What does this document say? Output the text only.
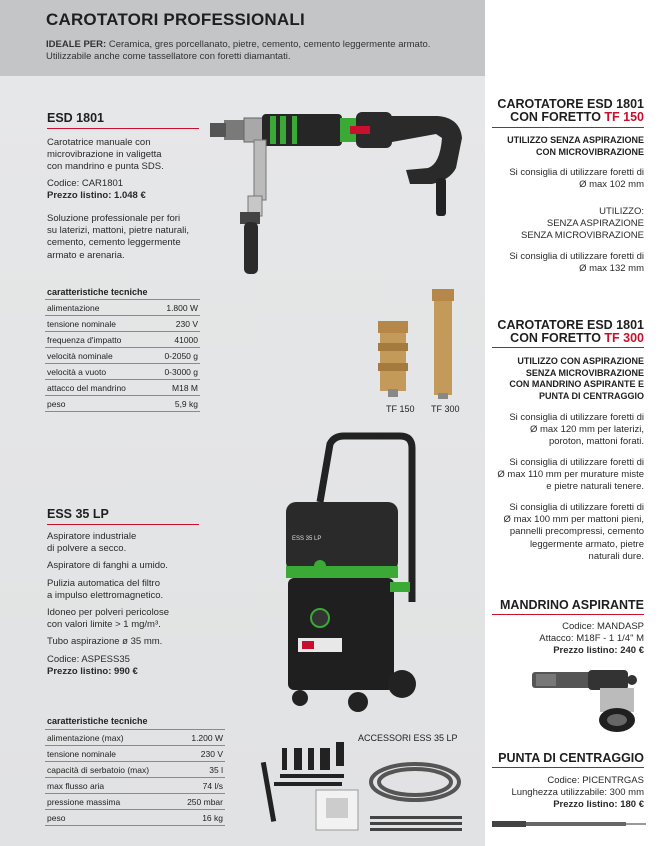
CAROTATORI PROFESSIONALI

IDEALE PER: Ceramica, gres porcellanato, pietre, cemento, cemento leggermente armato.
Utilizzabile anche come tassellatore con foretti diamantati.

ESD 1801
Carotatrice manuale con
microvibrazione in valigetta
con mandrino e punta SDS.
Codice: CAR1801
Prezzo listino: 1.048 €
Soluzione professionale per fori
su laterizi, mattoni, pietre naturali,
cemento, cemento leggermente
armato e arenaria.
caratteristiche tecniche
alimentazione	1.800 W
tensione nominale	230 V
frequenza d'impatto	41000
velocità nominale	0-2050 g
velocità a vuoto	0-3000 g
attacco del mandrino	M18 M
peso	5,9 kg
TF 150 TF 300
ESS 35 LP
Aspiratore industriale
di polvere a secco.
Aspiratore di fanghi a umido.
Pulizia automatica del filtro
a impulso elettromagnetico.
Idoneo per polveri pericolose
con valori limite > 1 mg/m³.
Tubo aspirazione ø 35 mm.
Codice: ASPESS35
Prezzo listino: 990 €
caratteristiche tecniche
alimentazione (max)	1.200 W
tensione nominale	230 V
capacità di serbatoio (max)	35 l
max flusso aria	74 l/s
pressione massima	250 mbar
peso	16 kg
ESS 35 LP
ACCESSORI ESS 35 LP
CAROTATORE ESD 1801
CON FORETTO TF 150
UTILIZZO SENZA ASPIRAZIONE
CON MICROVIBRAZIONE
Si consiglia di utilizzare foretti di
Ø max 102 mm
UTILIZZO:
SENZA ASPIRAZIONE
SENZA MICROVIBRAZIONE
Si consiglia di utilizzare foretti di
Ø max 132 mm
CAROTATORE ESD 1801
CON FORETTO TF 300
UTILIZZO CON ASPIRAZIONE
SENZA MICROVIBRAZIONE
CON MANDRINO ASPIRANTE E
PUNTA DI CENTRAGGIO
Si consiglia di utilizzare foretti di
Ø max 120 mm per laterizi,
poroton, mattoni forati.
Si consiglia di utilizzare foretti di
Ø max 110 mm per murature miste
e pietre naturali tenere.
Si consiglia di utilizzare foretti di
Ø max 100 mm per mattoni pieni,
pannelli precompressi, cemento
leggermente armato, pietre
naturali dure.
MANDRINO ASPIRANTE
Codice: MANDASP
Attacco: M18F - 1 1/4" M
Prezzo listino: 240 €
PUNTA DI CENTRAGGIO
Codice: PICENTRGAS
Lunghezza utilizzabile: 300 mm
Prezzo listino: 180 €
